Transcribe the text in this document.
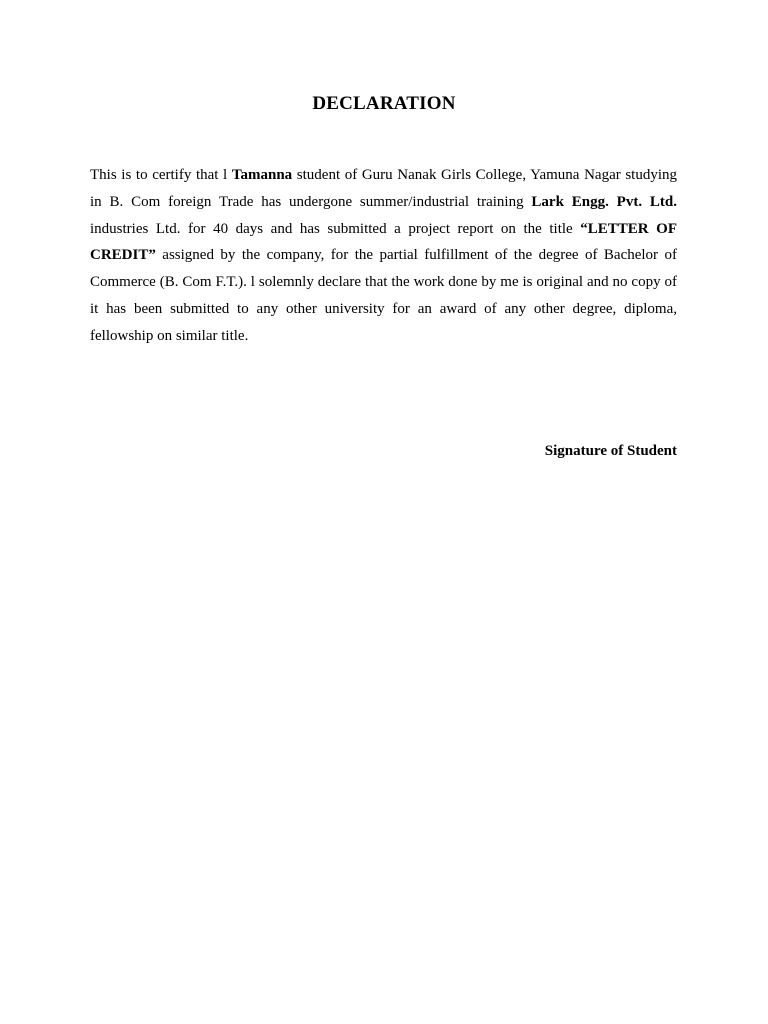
DECLARATION

This is to certify that l Tamanna student of Guru Nanak Girls College, Yamuna Nagar studying in B. Com foreign Trade has undergone summer/industrial training Lark Engg. Pvt. Ltd. industries Ltd. for 40 days and has submitted a project report on the title “LETTER OF CREDIT” assigned by the company, for the partial fulfillment of the degree of Bachelor of Commerce (B. Com F.T.). l solemnly declare that the work done by me is original and no copy of it has been submitted to any other university for an award of any other degree, diploma, fellowship on similar title.

Signature of Student
